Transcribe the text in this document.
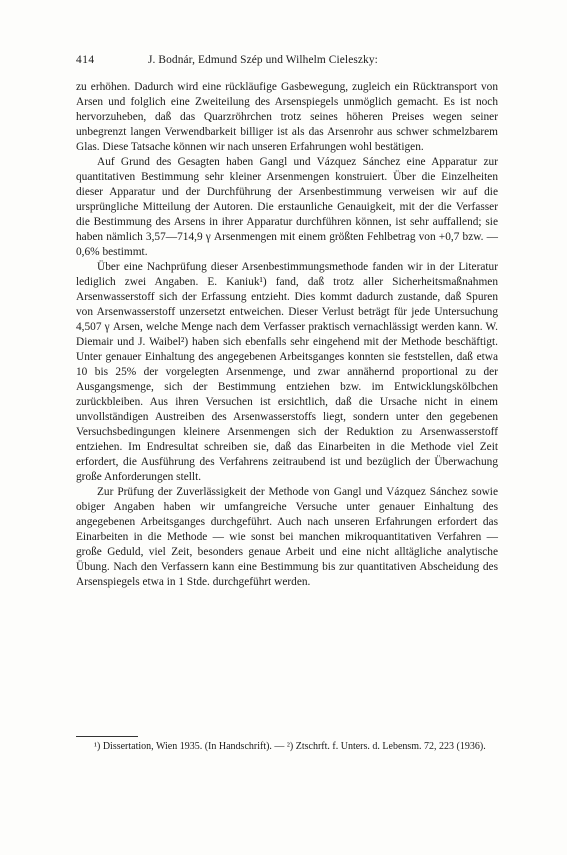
414	J. Bodnár, Edmund Szép und Wilhelm Cieleszky:

zu erhöhen. Dadurch wird eine rückläufige Gasbewegung, zugleich ein Rücktransport von Arsen und folglich eine Zweiteilung des Arsenspiegels unmöglich gemacht. Es ist noch hervorzuheben, daß das Quarzröhrchen trotz seines höheren Preises wegen seiner unbegrenzt langen Verwendbarkeit billiger ist als das Arsenrohr aus schwer schmelzbarem Glas. Diese Tatsache können wir nach unseren Erfahrungen wohl bestätigen.

Auf Grund des Gesagten haben Gangl und Vázquez Sánchez eine Apparatur zur quantitativen Bestimmung sehr kleiner Arsenmengen konstruiert. Über die Einzelheiten dieser Apparatur und der Durchführung der Arsenbestimmung verweisen wir auf die ursprüngliche Mitteilung der Autoren. Die erstaunliche Genauigkeit, mit der die Verfasser die Bestimmung des Arsens in ihrer Apparatur durchführen können, ist sehr auffallend; sie haben nämlich 3,57—714,9 γ Arsenmengen mit einem größten Fehlbetrag von +0,7 bzw. —0,6% bestimmt.

Über eine Nachprüfung dieser Arsenbestimmungsmethode fanden wir in der Literatur lediglich zwei Angaben. E. Kaniuk¹) fand, daß trotz aller Sicherheitsmaßnahmen Arsenwasserstoff sich der Erfassung entzieht. Dies kommt dadurch zustande, daß Spuren von Arsenwasserstoff unzersetzt entweichen. Dieser Verlust beträgt für jede Untersuchung 4,507 γ Arsen, welche Menge nach dem Verfasser praktisch vernachlässigt werden kann. W. Diemair und J. Waibel²) haben sich ebenfalls sehr eingehend mit der Methode beschäftigt. Unter genauer Einhaltung des angegebenen Arbeitsganges konnten sie feststellen, daß etwa 10 bis 25% der vorgelegten Arsenmenge, und zwar annähernd proportional zu der Ausgangsmenge, sich der Bestimmung entziehen bzw. im Entwicklungskölbchen zurückbleiben. Aus ihren Versuchen ist ersichtlich, daß die Ursache nicht in einem unvollständigen Austreiben des Arsenwasserstoffs liegt, sondern unter den gegebenen Versuchsbedingungen kleinere Arsenmengen sich der Reduktion zu Arsenwasserstoff entziehen. Im Endresultat schreiben sie, daß das Einarbeiten in die Methode viel Zeit erfordert, die Ausführung des Verfahrens zeitraubend ist und bezüglich der Überwachung große Anforderungen stellt.

Zur Prüfung der Zuverlässigkeit der Methode von Gangl und Vázquez Sánchez sowie obiger Angaben haben wir umfangreiche Versuche unter genauer Einhaltung des angegebenen Arbeitsganges durchgeführt. Auch nach unseren Erfahrungen erfordert das Einarbeiten in die Methode — wie sonst bei manchen mikroquantitativen Verfahren — große Geduld, viel Zeit, besonders genaue Arbeit und eine nicht alltägliche analytische Übung. Nach den Verfassern kann eine Bestimmung bis zur quantitativen Abscheidung des Arsenspiegels etwa in 1 Stde. durchgeführt werden.

¹) Dissertation, Wien 1935. (In Handschrift). — ²) Ztschrft. f. Unters. d. Lebensm. 72, 223 (1936).
